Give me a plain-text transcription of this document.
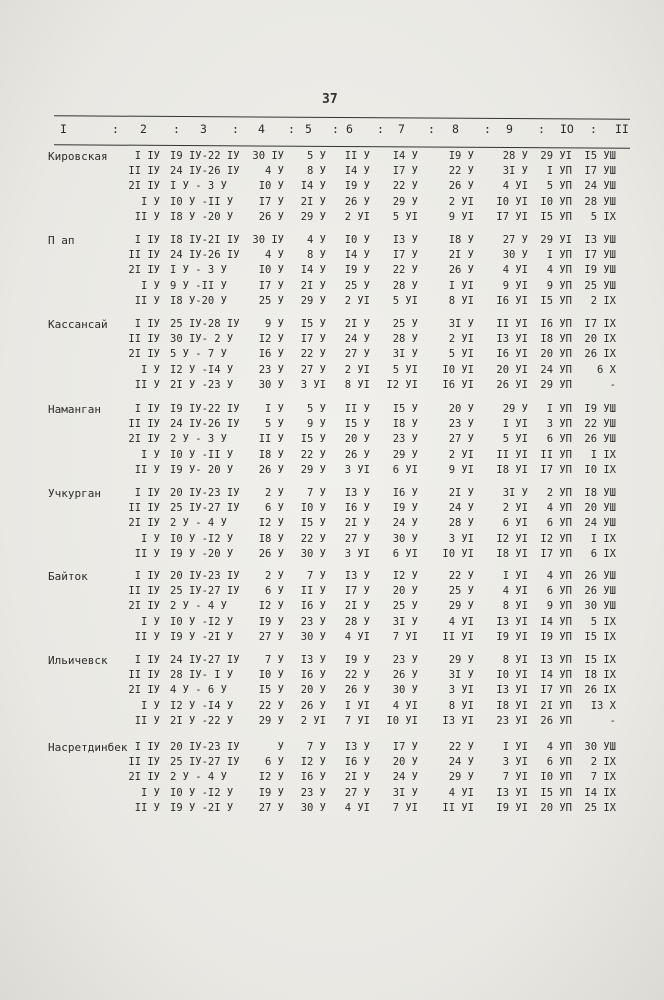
37
I	: 2 : 3 : 4 : 5 : 6 : 7 : 8 : 9 : IO : II
Кировская	I IУ I9 IУ-22 IУ	30 IУ	5 У	II У	I4 У	I9 У	28 У	29 УI	I5 УШ
II IУ 24 IУ-26 IУ	4 У	8 У	I4 У	I7 У	22 У	3I У	I УП	I7 УШ
2I IУ I У - 3 У	I0 У	I4 У	I9 У	22 У	26 У	4 УI	5 УП	24 УШ
I У I0 У -II У	I7 У	2I У	26 У	29 У	2 УI	I0 УI	I0 УП	28 УШ
II У I8 У -20 У	26 У	29 У	2 УI	5 УI	9 УI	I7 УI	I5 УП	5 IX
П ап	I IУ I8 IУ-2I IУ	30 IУ	4 У	I0 У	I3 У	I8 У	27 У	29 УI	I3 УШ
II IУ 24 IУ-26 IУ	4 У	8 У	I4 У	I7 У	2I У	30 У	I УП	I7 УШ
2I IУ I У - 3 У	I0 У	I4 У	I9 У	22 У	26 У	4 УI	4 УП	I9 УШ
I У 9 У -II У	I7 У	2I У	25 У	28 У	I УI	9 УI	9 УП	25 УШ
II У I8 У-20 У	25 У	29 У	2 УI	5 УI	8 УI	I6 УI	I5 УП	2 IX
Кассансай	I IУ 25 IУ-28 IУ	9 У	I5 У	2I У	25 У	3I У	II УI	I6 УП	I7 IX
II IУ 30 IУ- 2 У	I2 У	I7 У	24 У	28 У	2 УI	I3 УI	I8 УП	20 IX
2I IУ 5 У - 7 У	I6 У	22 У	27 У	3I У	5 УI	I6 УI	20 УП	26 IX
I У I2 У -I4 У	23 У	27 У	2 УI	5 УI	I0 УI	20 УI	24 УП	6 X
II У 2I У -23 У	30 У	3 УI	8 УI	I2 УI	I6 УI	26 УI	29 УП	-
Наманган	I IУ I9 IУ-22 IУ	I У	5 У	II У	I5 У	20 У	29 У	I УП	I9 УШ
II IУ 24 IУ-26 IУ	5 У	9 У	I5 У	I8 У	23 У	I УI	3 УП	22 УШ
2I IУ 2 У - 3 У	II У	I5 У	20 У	23 У	27 У	5 УI	6 УП	26 УШ
I У I0 У -II У	I8 У	22 У	26 У	29 У	2 УI	II УI	II УП	I IX
II У I9 У- 20 У	26 У	29 У	3 УI	6 УI	9 УI	I8 УI	I7 УП	I0 IX
Учкурган	I IУ 20 IУ-23 IУ	2 У	7 У	I3 У	I6 У	2I У	3I У	2 УП	I8 УШ
II IУ 25 IУ-27 IУ	6 У	I0 У	I6 У	I9 У	24 У	2 УI	4 УП	20 УШ
2I IУ 2 У - 4 У	I2 У	I5 У	2I У	24 У	28 У	6 УI	6 УП	24 УШ
I У I0 У -I2 У	I8 У	22 У	27 У	30 У	3 УI	I2 УI	I2 УП	I IX
II У I9 У -20 У	26 У	30 У	3 УI	6 УI	I0 УI	I8 УI	I7 УП	6 IX
Байток	I IУ 20 IУ-23 IУ	2 У	7 У	I3 У	I2 У	22 У	I УI	4 УП	26 УШ
II IУ 25 IУ-27 IУ	6 У	II У	I7 У	20 У	25 У	4 УI	6 УП	26 УШ
2I IУ 2 У - 4 У	I2 У	I6 У	2I У	25 У	29 У	8 УI	9 УП	30 УШ
I У I0 У -I2 У	I9 У	23 У	28 У	3I У	4 УI	I3 УI	I4 УП	5 IX
II У I9 У -2I У	27 У	30 У	4 УI	7 УI	II УI	I9 УI	I9 УП	I5 IX
Ильичевск	I IУ 24 IУ-27 IУ	7 У	I3 У	I9 У	23 У	29 У	8 УI	I3 УП	I5 IX
II IУ 28 IУ- I У	I0 У	I6 У	22 У	26 У	3I У	I0 УI	I4 УП	I8 IX
2I IУ 4 У - 6 У	I5 У	20 У	26 У	30 У	3 УI	I3 УI	I7 УП	26 IX
I У I2 У -I4 У	22 У	26 У	I УI	4 УI	8 УI	I8 УI	2I УП	I3 X
II У 2I У -22 У	29 У	2 УI	7 УI	I0 УI	I3 УI	23 УI	26 УП	-
Насретдинбек I IУ 20 IУ-23 IУ	У	7 У	I3 У	I7 У	22 У	I УI	4 УП	30 УШ
II IУ 25 IУ-27 IУ	6 У	I2 У	I6 У	20 У	24 У	3 УI	6 УП	2 IX
2I IУ 2 У - 4 У	I2 У	I6 У	2I У	24 У	29 У	7 УI	I0 УП	7 IX
I У I0 У -I2 У	I9 У	23 У	27 У	3I У	4 УI	I3 УI	I5 УП	I4 IX
II У I9 У -2I У	27 У	30 У	4 УI	7 УI	II УI	I9 УI	20 УП	25 IX
